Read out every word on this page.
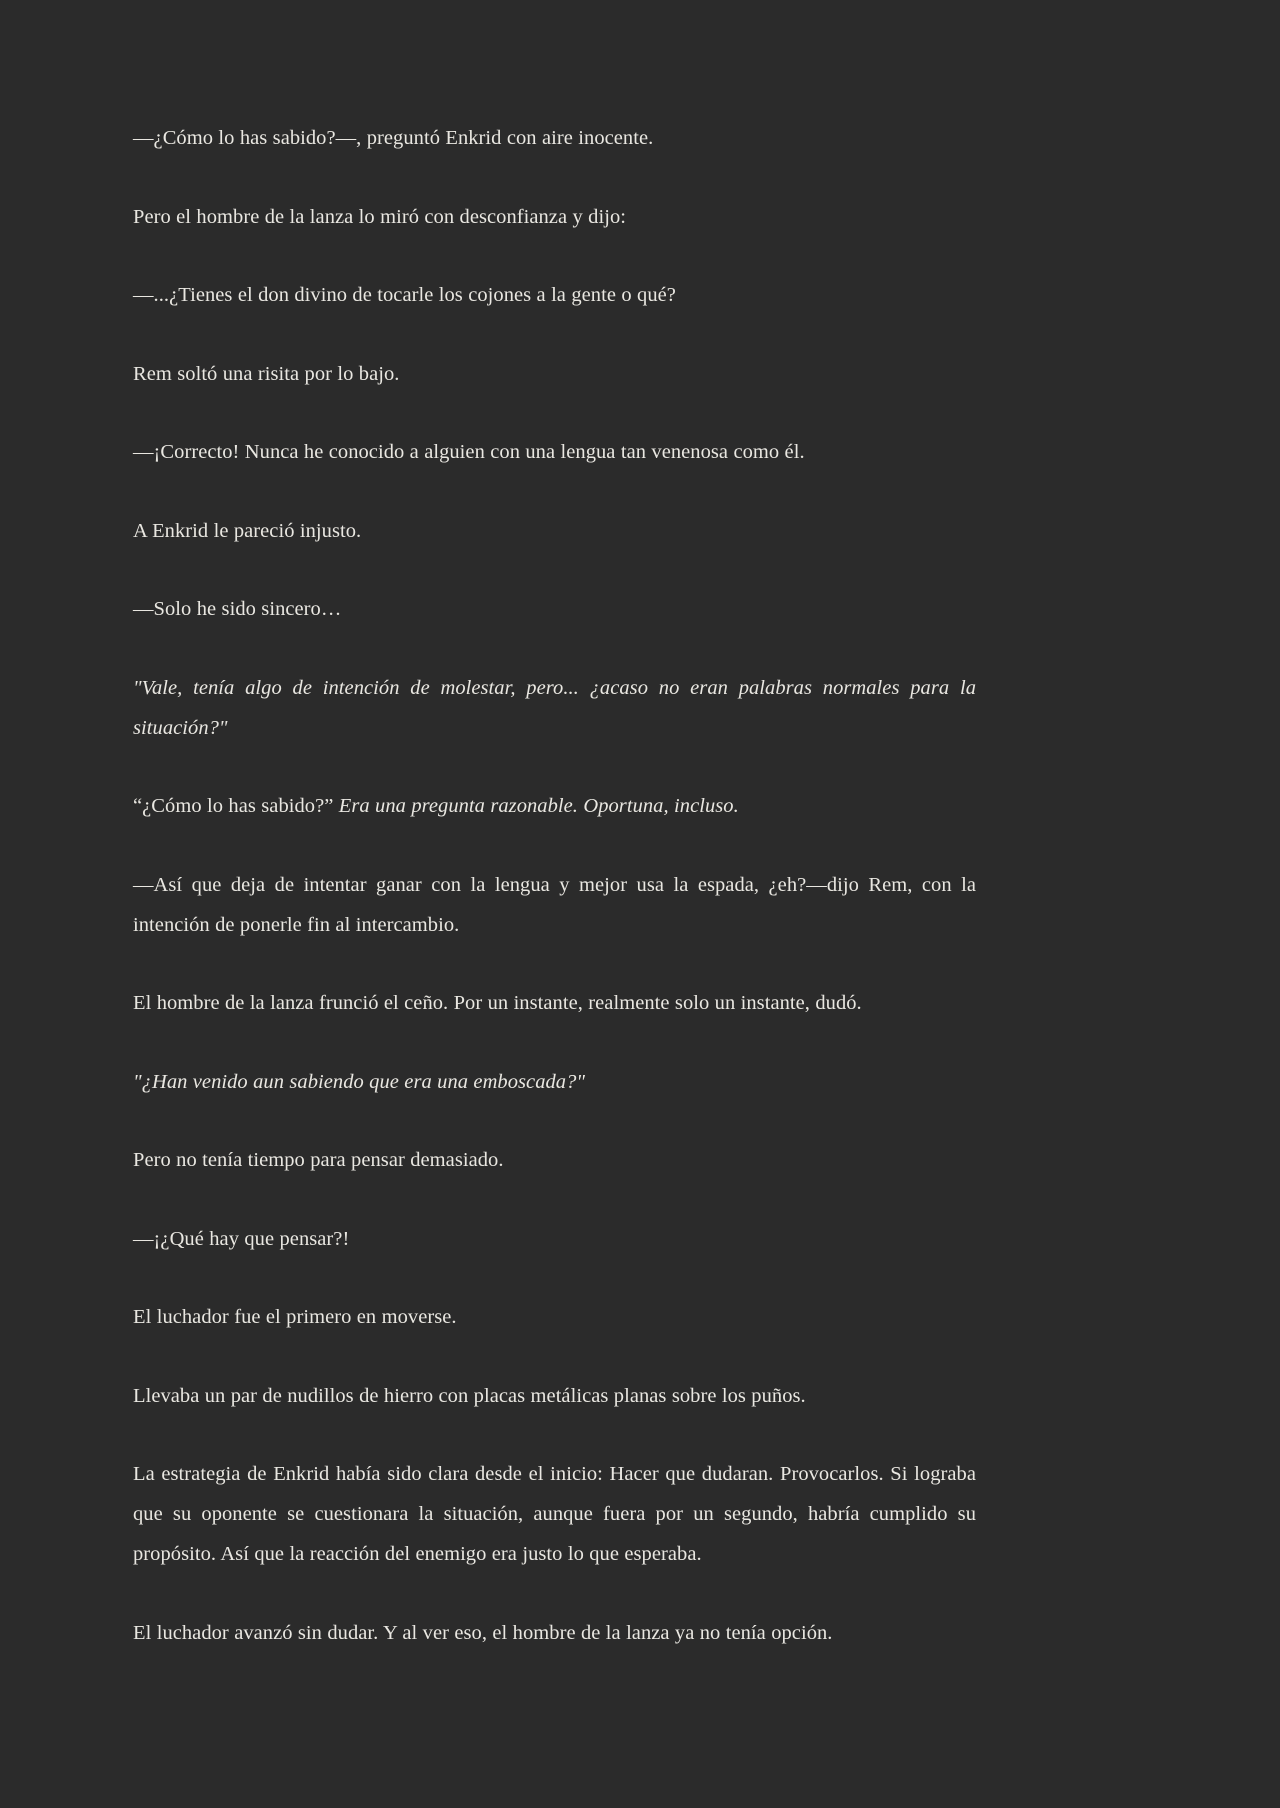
—¿Cómo lo has sabido?—, preguntó Enkrid con aire inocente.

Pero el hombre de la lanza lo miró con desconfianza y dijo:

—...¿Tienes el don divino de tocarle los cojones a la gente o qué?

Rem soltó una risita por lo bajo.

—¡Correcto! Nunca he conocido a alguien con una lengua tan venenosa como él.

A Enkrid le pareció injusto.

—Solo he sido sincero…

"Vale, tenía algo de intención de molestar, pero... ¿acaso no eran palabras normales para la situación?"

“¿Cómo lo has sabido?” Era una pregunta razonable. Oportuna, incluso.

—Así que deja de intentar ganar con la lengua y mejor usa la espada, ¿eh?—dijo Rem, con la intención de ponerle fin al intercambio.

El hombre de la lanza frunció el ceño. Por un instante, realmente solo un instante, dudó.

"¿Han venido aun sabiendo que era una emboscada?"

Pero no tenía tiempo para pensar demasiado.

—¡¿Qué hay que pensar?!

El luchador fue el primero en moverse.

Llevaba un par de nudillos de hierro con placas metálicas planas sobre los puños.

La estrategia de Enkrid había sido clara desde el inicio: Hacer que dudaran. Provocarlos. Si lograba que su oponente se cuestionara la situación, aunque fuera por un segundo, habría cumplido su propósito. Así que la reacción del enemigo era justo lo que esperaba.

El luchador avanzó sin dudar. Y al ver eso, el hombre de la lanza ya no tenía opción.
